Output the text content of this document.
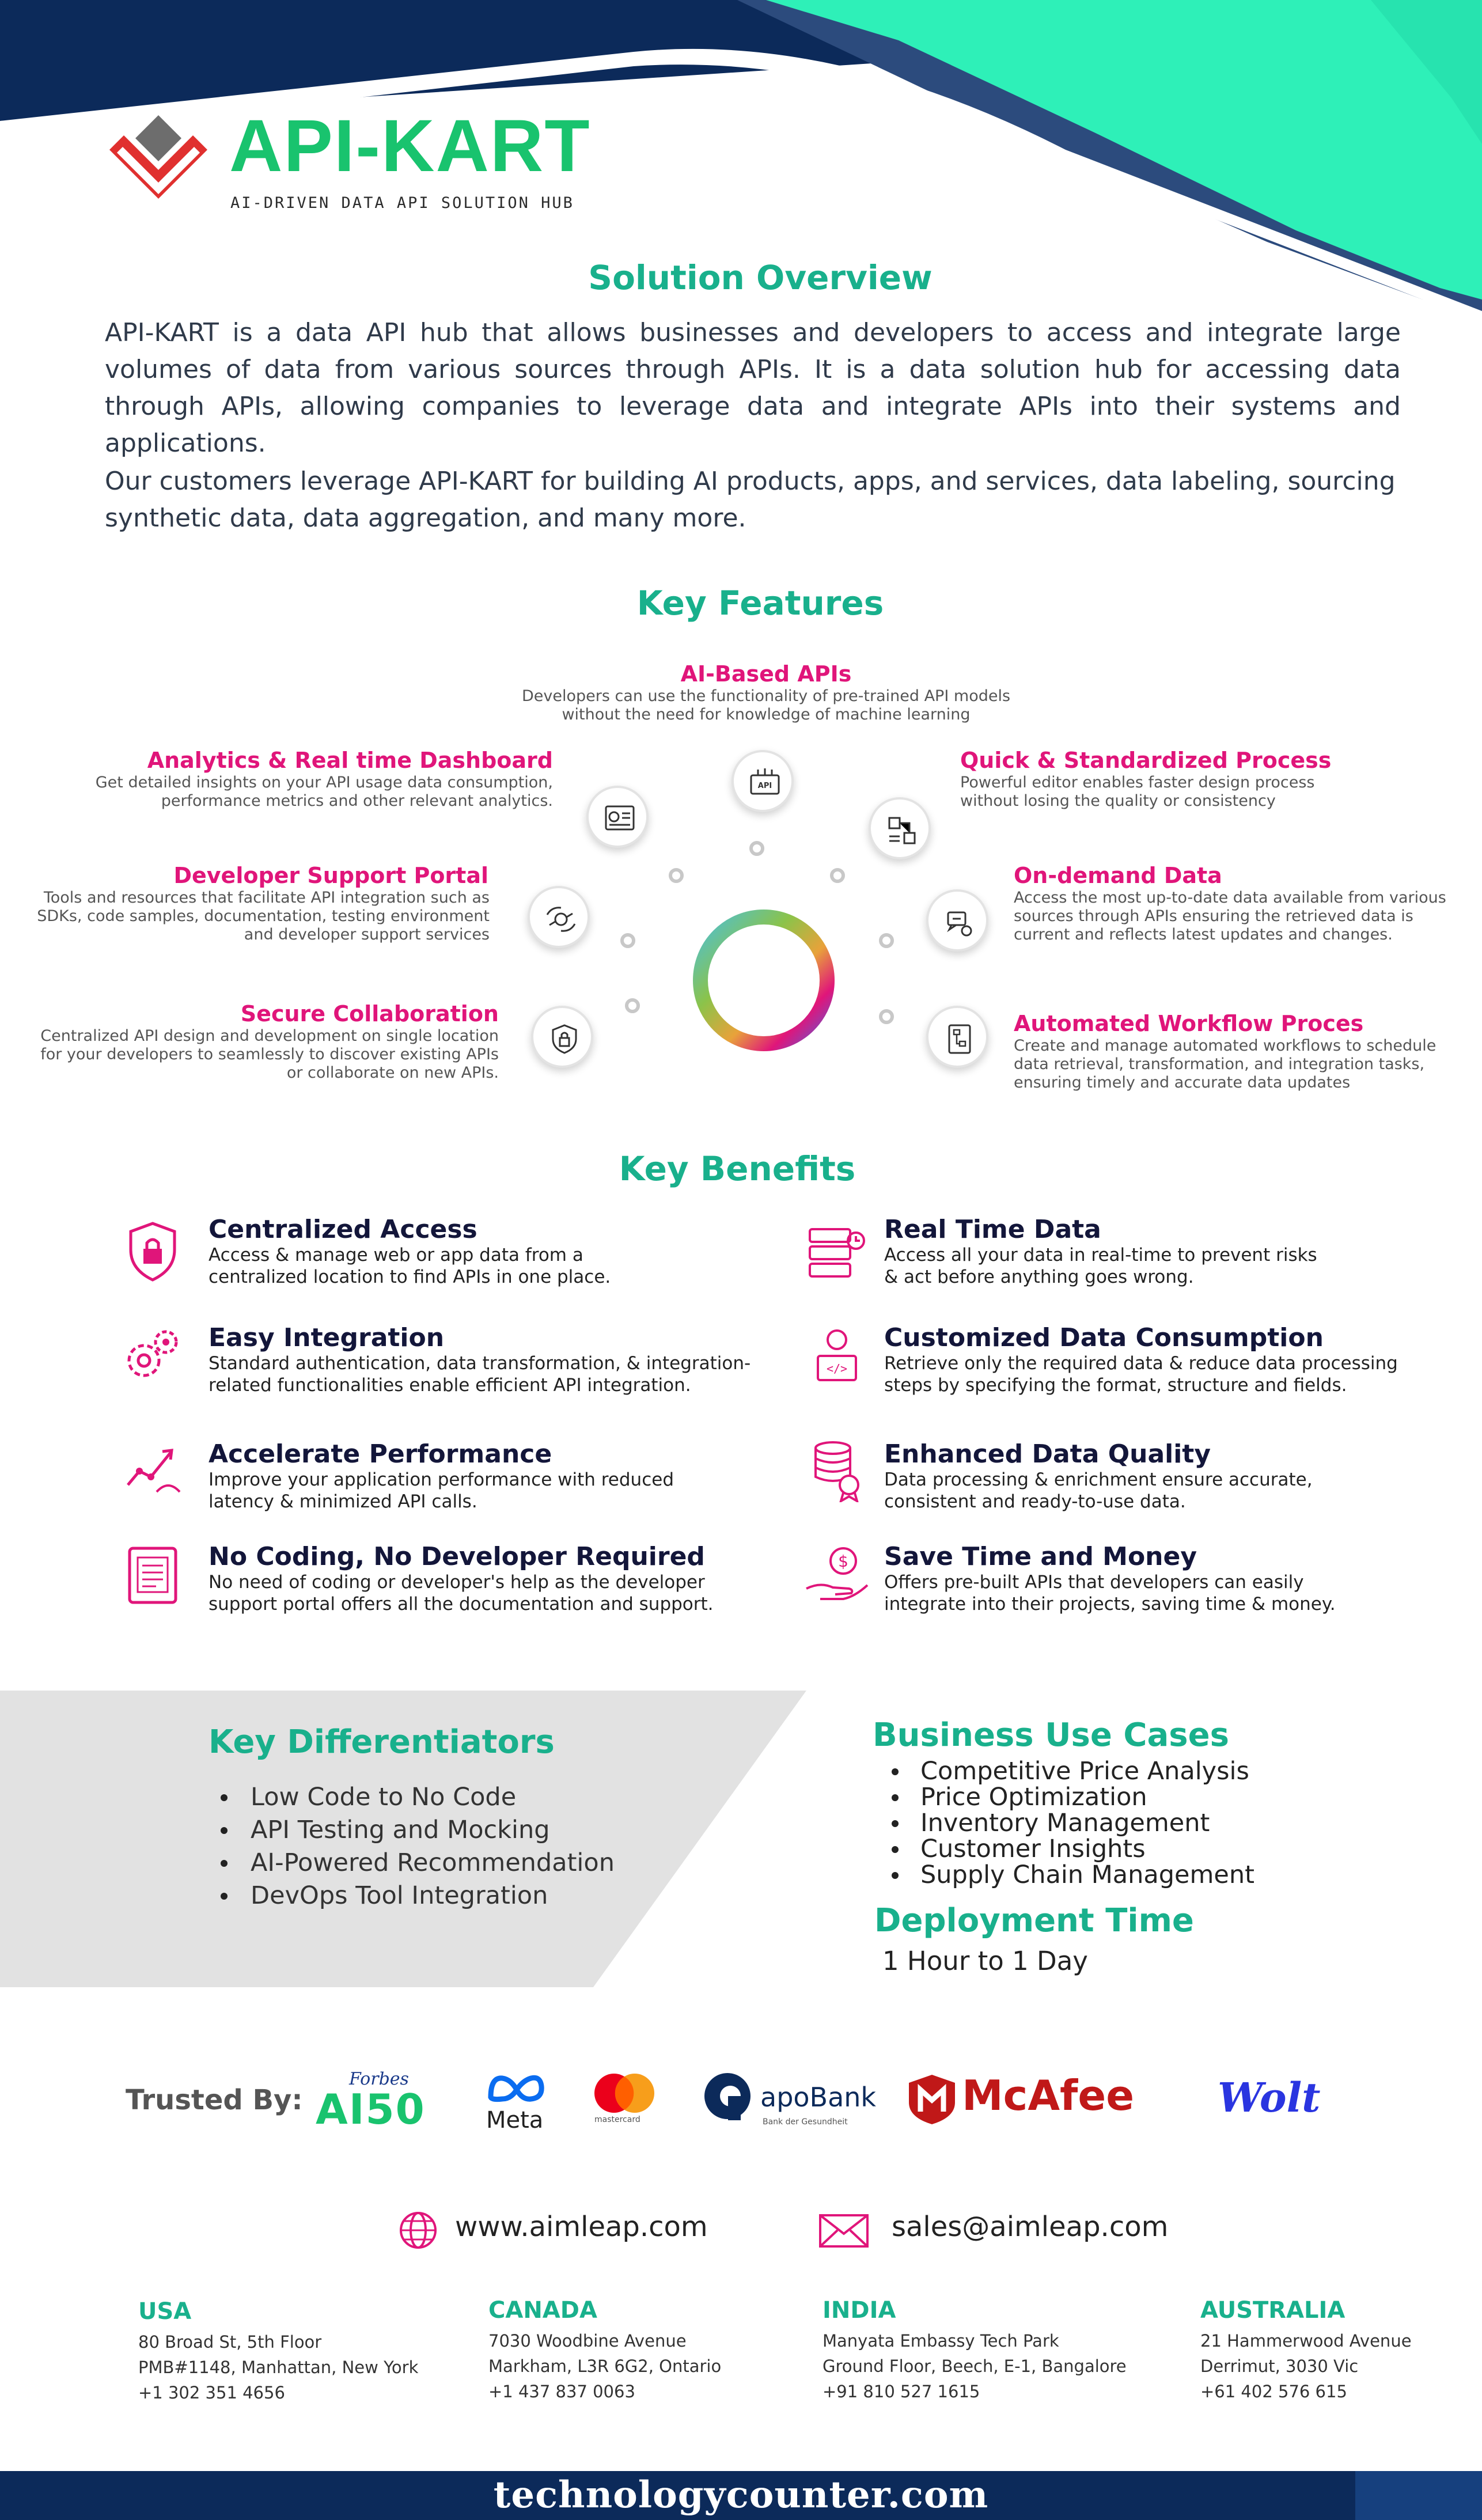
API-KART
AI-DRIVEN DATA API SOLUTION HUB
Solution Overview
API-KART is a data API hub that allows businesses and developers to access and integrate large volumes of data from various sources through APIs. It is a data solution hub for accessing data through APIs, allowing companies to leverage data and integrate APIs into their systems and applications.
Our customers leverage API-KART for building AI products, apps, and services, data labeling, sourcing synthetic data, data aggregation, and many more.
Key Features
API
AI-Based APIs
Developers can use the functionality of pre-trained API models without the need for knowledge of machine learning
Analytics & Real time Dashboard
Get detailed insights on your API usage data consumption, performance metrics and other relevant analytics.
Quick & Standardized Process
Powerful editor enables faster design process without losing the quality or consistency
Developer Support Portal
Tools and resources that facilitate API integration such as SDKs, code samples, documentation, testing environment and developer support services
On-demand Data
Access the most up-to-date data available from various sources through APIs ensuring the retrieved data is current and reflects latest updates and changes.
Secure Collaboration
Centralized API design and development on single location for your developers to seamlessly to discover existing APIs or collaborate on new APIs.
Automated Workflow Proces
Create and manage automated workflows to schedule data retrieval, transformation, and integration tasks, ensuring timely and accurate data updates
Key Benefits
</>
$
Centralized Access
Access & manage web or app data from a centralized location to find APIs in one place.
Real Time Data
Access all your data in real-time to prevent risks & act before anything goes wrong.
Easy Integration
Standard authentication, data transformation, & integration-related functionalities enable efficient API integration.
Customized Data Consumption
Retrieve only the required data & reduce data processing steps by specifying the format, structure and fields.
Accelerate Performance
Improve your application performance with reduced latency & minimized API calls.
Enhanced Data Quality
Data processing & enrichment ensure accurate, consistent and ready-to-use data.
No Coding, No Developer Required
No need of coding or developer's help as the developer support portal offers all the documentation and support.
Save Time and Money
Offers pre-built APIs that developers can easily integrate into their projects, saving time & money.
Key Differentiators
Low Code to No Code
API Testing and Mocking
AI-Powered Recommendation
DevOps Tool Integration
Business Use Cases
Competitive Price Analysis
Price Optimization
Inventory Management
Customer Insights
Supply Chain Management
Deployment Time
1 Hour to 1 Day
Trusted By:
Forbes
AI50	Meta	mastercard
apoBank
Bank der Gesundheit
McAfee Wolt
www.aimleap.com	sales@aimleap.com
USA
80 Broad St, 5th Floor
PMB#1148, Manhattan, New York
+1 302 351 4656
CANADA
7030 Woodbine Avenue
Markham, L3R 6G2, Ontario
+1 437 837 0063
INDIA
Manyata Embassy Tech Park
Ground Floor, Beech, E-1, Bangalore
+91 810 527 1615
AUSTRALIA
21 Hammerwood Avenue
Derrimut, 3030 Vic
+61 402 576 615
technologycounter.com
